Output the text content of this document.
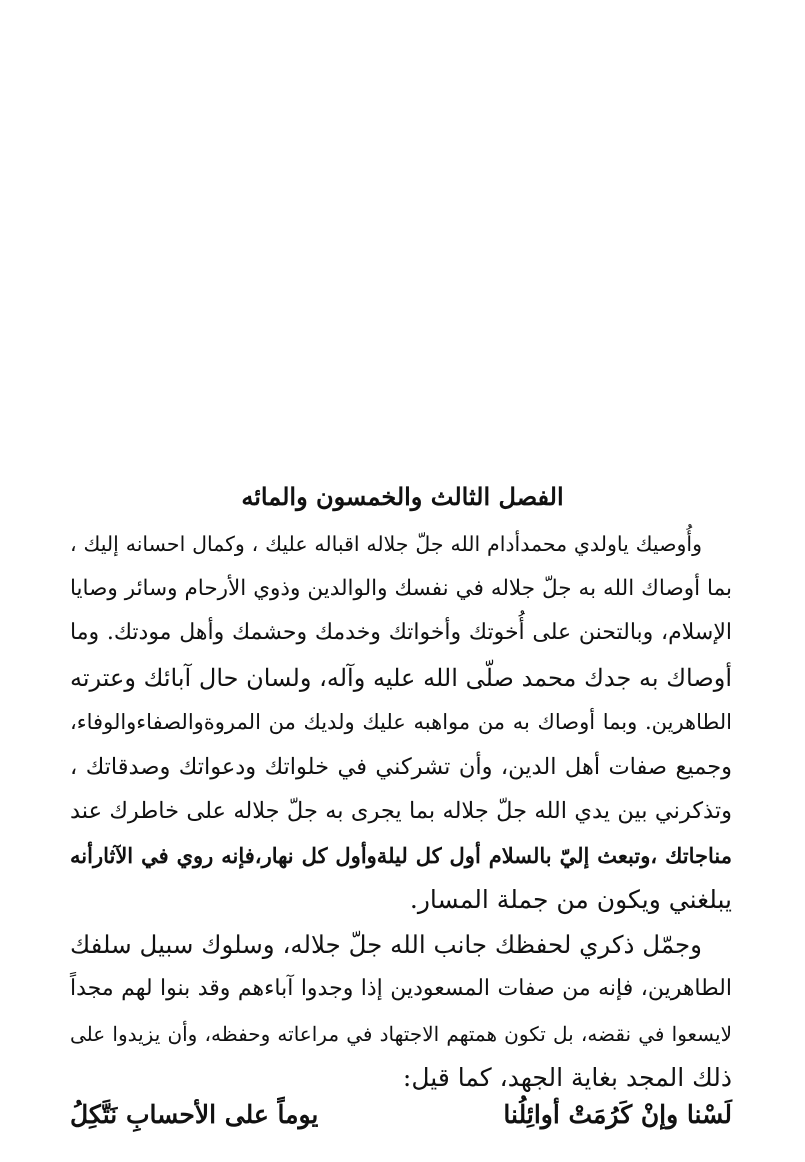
الفصل الثالث والخمسون والمائه
وأُوصيك ياولدي محمدأدام الله جلّ جلاله اقباله عليك ، وكمال احسانه إليك ،
بما أوصاك الله به جلّ جلاله في نفسك والوالدين وذوي الأرحام وسائر وصايا
الإسلام، وبالتحنن على أُخوتك وأخواتك وخدمك وحشمك وأهل مودتك. وما
أوصاك به جدك محمد صلّى الله عليه وآله، ولسان حال آبائك وعترته
الطاهرين. وبما أوصاك به من مواهبه عليك ولديك من المروةوالصفاءوالوفاء،
وجميع صفات أهل الدين، وأن تشركني في خلواتك ودعواتك وصدقاتك ،
وتذكرني بين يدي الله جلّ جلاله بما يجرى به جلّ جلاله على خاطرك عند
مناجاتك ،وتبعث إليّ بالسلام أول كل ليلةوأول كل نهار،فإنه روي في الآثارأنه
يبلغني ويكون من جملة المسار.
وجمّل ذكري لحفظك جانب الله جلّ جلاله، وسلوك سبيل سلفك
الطاهرين، فإنه من صفات المسعودين إذا وجدوا آباءهم وقد بنوا لهم مجداً
لايسعوا في نقضه، بل تكون همتهم الاجتهاد في مراعاته وحفظه، وأن يزيدوا على
ذلك المجد بغاية الجهد، كما قيل:
لَسْنا وإنْ كَرُمَتْ أوائِلُنا
يوماً على الأحسابِ نَتَّكِلُ
